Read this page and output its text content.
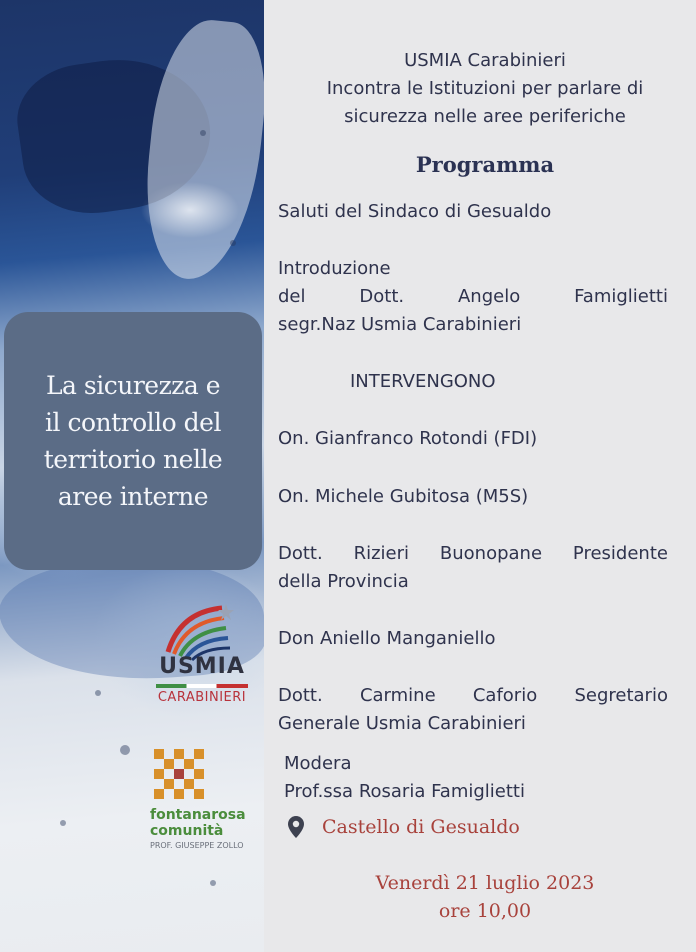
La sicurezza e
il controllo del
territorio nelle
aree interne
USMIA
CARABINIERI
fontanarosa
comunità
PROF. GIUSEPPE ZOLLO
USMIA Carabinieri
Incontra le Istituzioni per parlare di
sicurezza nelle aree periferiche
Programma
Saluti del Sindaco di Gesualdo
Introduzione
del	Dott.	Angelo	Famiglietti
segr.Naz Usmia Carabinieri
INTERVENGONO
On. Gianfranco Rotondi (FDI)
On. Michele Gubitosa (M5S)
Dott. Rizieri Buonopane Presidente
della Provincia
Don Aniello Manganiello
Dott. Carmine Caforio Segretario
Generale Usmia Carabinieri
Modera
Prof.ssa Rosaria Famiglietti
Castello di Gesualdo
Venerdì 21 luglio 2023
ore 10,00
